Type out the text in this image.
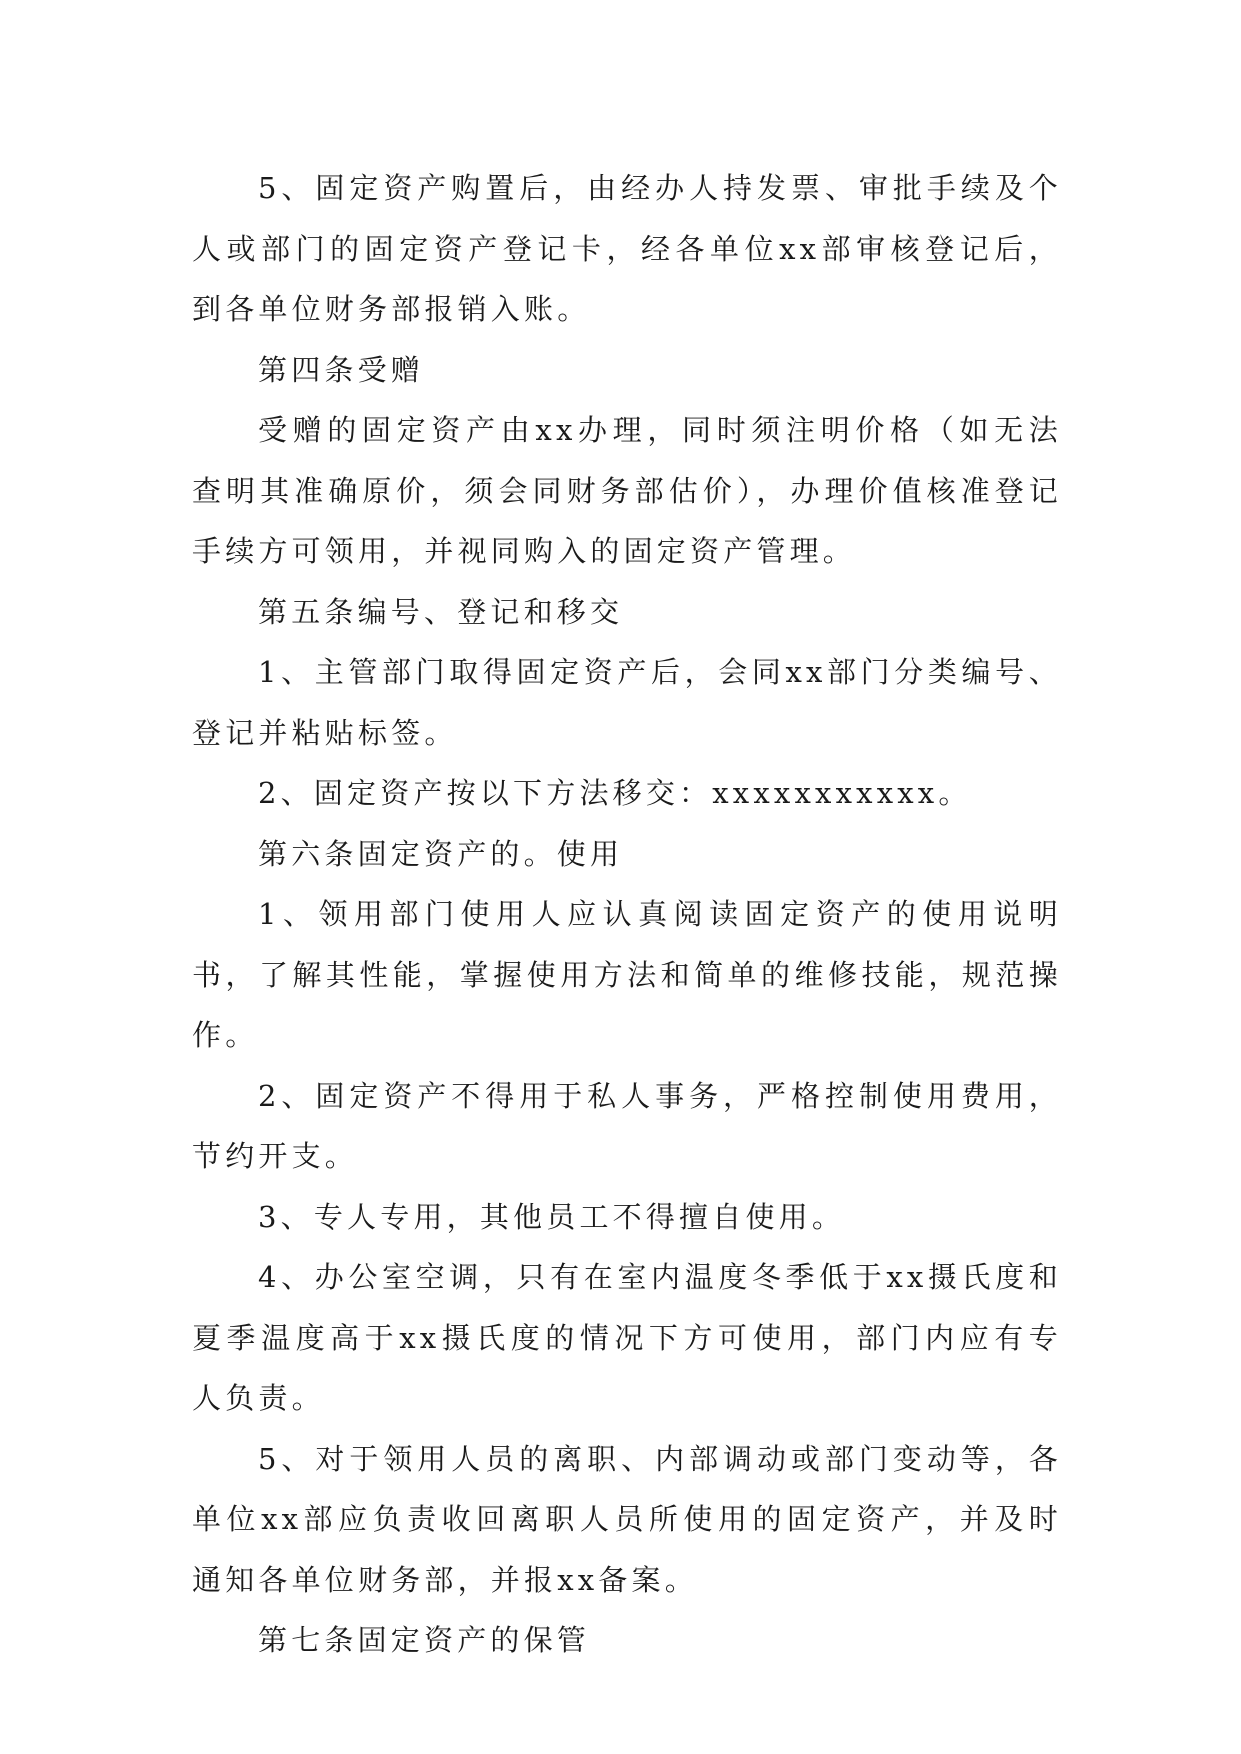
5、固定资产购置后，由经办人持发票、审批手续及个人或部门的固定资产登记卡，经各单位xx部审核登记后，到各单位财务部报销入账。

第四条受赠

受赠的固定资产由xx办理，同时须注明价格（如无法查明其准确原价，须会同财务部估价），办理价值核准登记手续方可领用，并视同购入的固定资产管理。

第五条编号、登记和移交

1、主管部门取得固定资产后，会同xx部门分类编号、登记并粘贴标签。

2、固定资产按以下方法移交：xxxxxxxxxxx。

第六条固定资产的。使用

1、领用部门使用人应认真阅读固定资产的使用说明书，了解其性能，掌握使用方法和简单的维修技能，规范操作。

2、固定资产不得用于私人事务，严格控制使用费用，节约开支。

3、专人专用，其他员工不得擅自使用。

4、办公室空调，只有在室内温度冬季低于xx摄氏度和夏季温度高于xx摄氏度的情况下方可使用，部门内应有专人负责。

5、对于领用人员的离职、内部调动或部门变动等，各单位xx部应负责收回离职人员所使用的固定资产，并及时通知各单位财务部，并报xx备案。

第七条固定资产的保管
